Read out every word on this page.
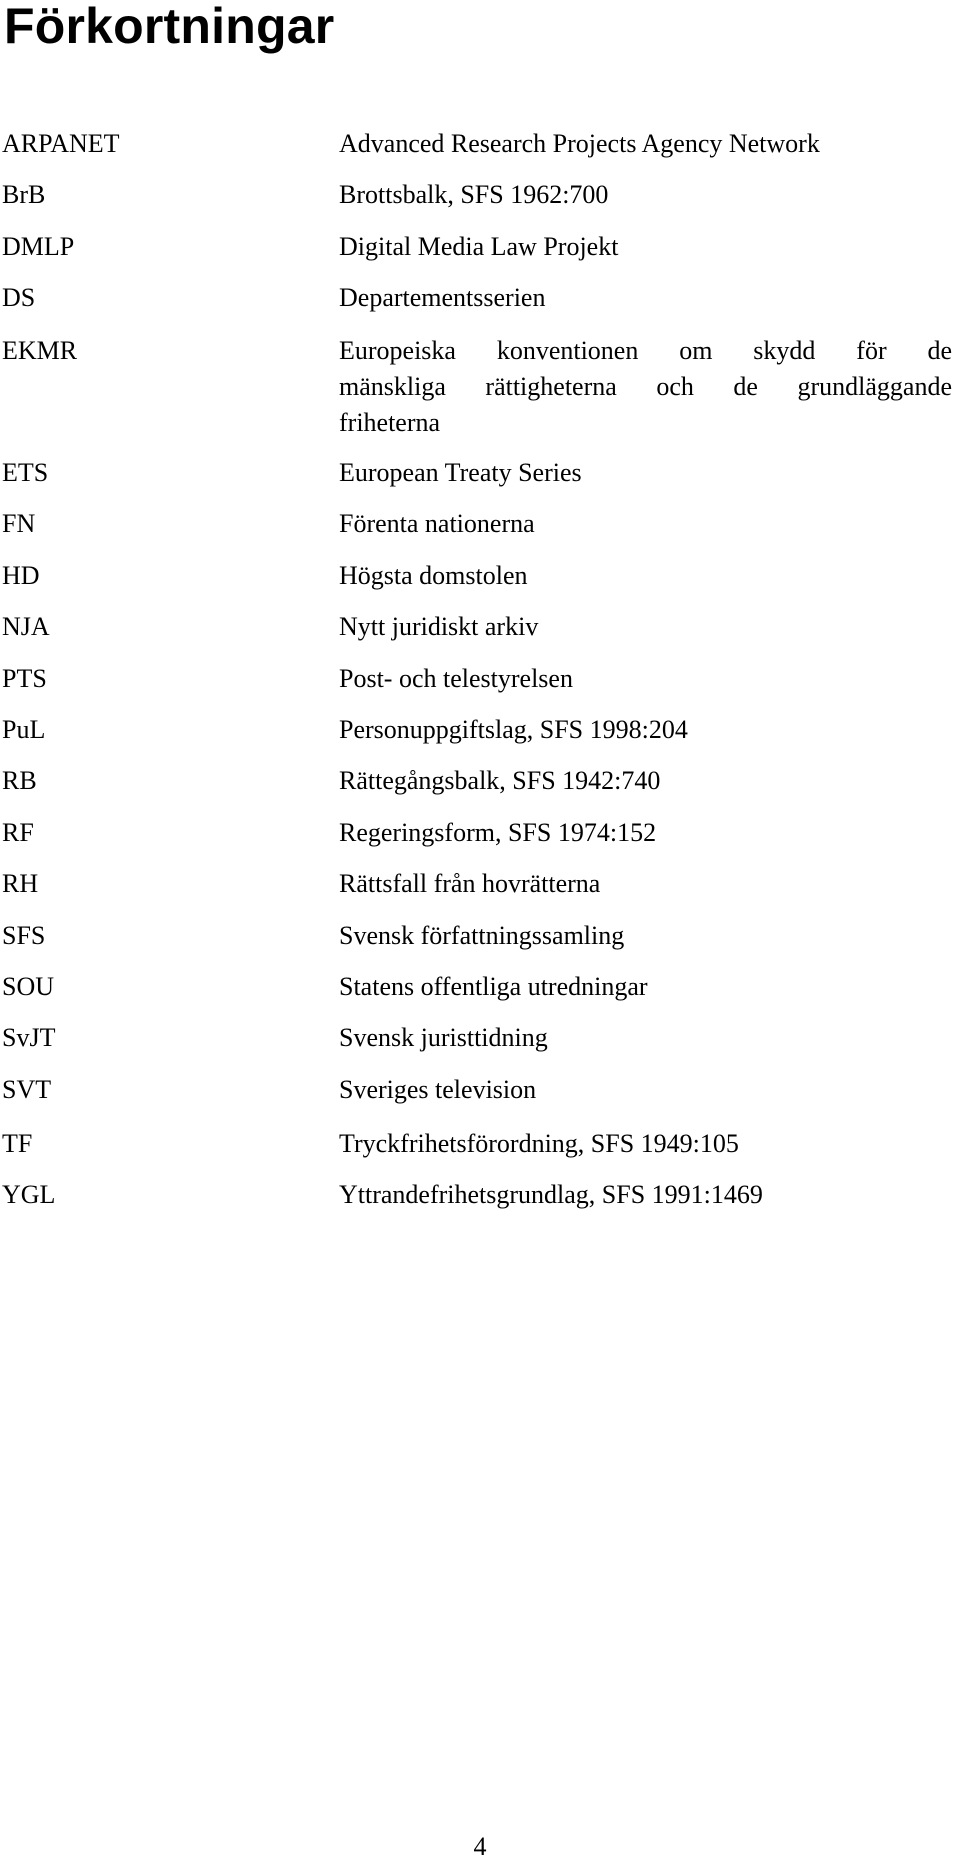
Förkortningar
ARPANET	Advanced Research Projects Agency Network
BrB	Brottsbalk, SFS 1962:700
DMLP	Digital Media Law Projekt
DS	Departementsserien
EKMR	Europeiska konventionen om skydd för de
mänskliga rättigheterna och de grundläggande
friheterna
ETS	European Treaty Series
FN	Förenta nationerna
HD	Högsta domstolen
NJA	Nytt juridiskt arkiv
PTS	Post- och telestyrelsen
PuL	Personuppgiftslag, SFS 1998:204
RB	Rättegångsbalk, SFS 1942:740
RF	Regeringsform, SFS 1974:152
RH	Rättsfall från hovrätterna
SFS	Svensk författningssamling
SOU	Statens offentliga utredningar
SvJT	Svensk juristtidning
SVT	Sveriges television
TF	Tryckfrihetsförordning, SFS 1949:105
YGL	Yttrandefrihetsgrundlag, SFS 1991:1469
4
